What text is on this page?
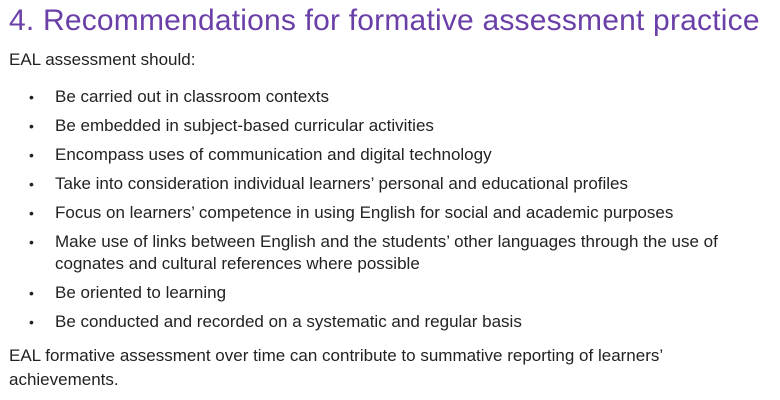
4. Recommendations for formative assessment practice

EAL assessment should:

•	Be carried out in classroom contexts
•	Be embedded in subject-based curricular activities
•	Encompass uses of communication and digital technology
•	Take into consideration individual learners’ personal and educational profiles
•	Focus on learners’ competence in using English for social and academic purposes
•	Make use of links between English and the students’ other languages through the use of cognates and cultural references where possible
•	Be oriented to learning
•	Be conducted and recorded on a systematic and regular basis

EAL formative assessment over time can contribute to summative reporting of learners’ achievements.
